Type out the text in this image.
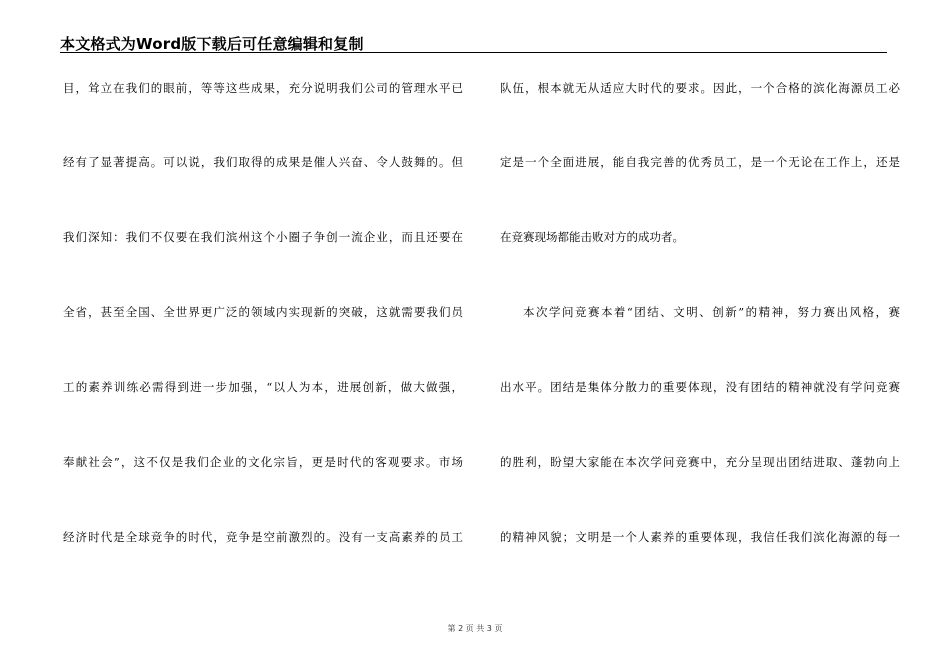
本文格式为Word版下载后可任意编辑和复制
目，耸立在我们的眼前，等等这些成果，充分说明我们公司的管理水平已
经有了显著提高。可以说，我们取得的成果是催人兴奋、令人鼓舞的。但
我们深知：我们不仅要在我们滨州这个小圈子争创一流企业，而且还要在
全省，甚至全国、全世界更广泛的领域内实现新的突破，这就需要我们员
工的素养训练必需得到进一步加强，“以人为本，进展创新，做大做强，
奉献社会”，这不仅是我们企业的文化宗旨，更是时代的客观要求。市场
经济时代是全球竞争的时代，竞争是空前激烈的。没有一支高素养的员工
队伍，根本就无从适应大时代的要求。因此，一个合格的滨化海源员工必
定是一个全面进展，能自我完善的优秀员工，是一个无论在工作上，还是
在竞赛现场都能击败对方的成功者。
本次学问竞赛本着“团结、文明、创新”的精神，努力赛出风格，赛
出水平。团结是集体分散力的重要体现，没有团结的精神就没有学问竞赛
的胜利，盼望大家能在本次学问竞赛中，充分呈现出团结进取、蓬勃向上
的精神风貌；文明是一个人素养的重要体现，我信任我们滨化海源的每一
第 2 页 共 3 页
